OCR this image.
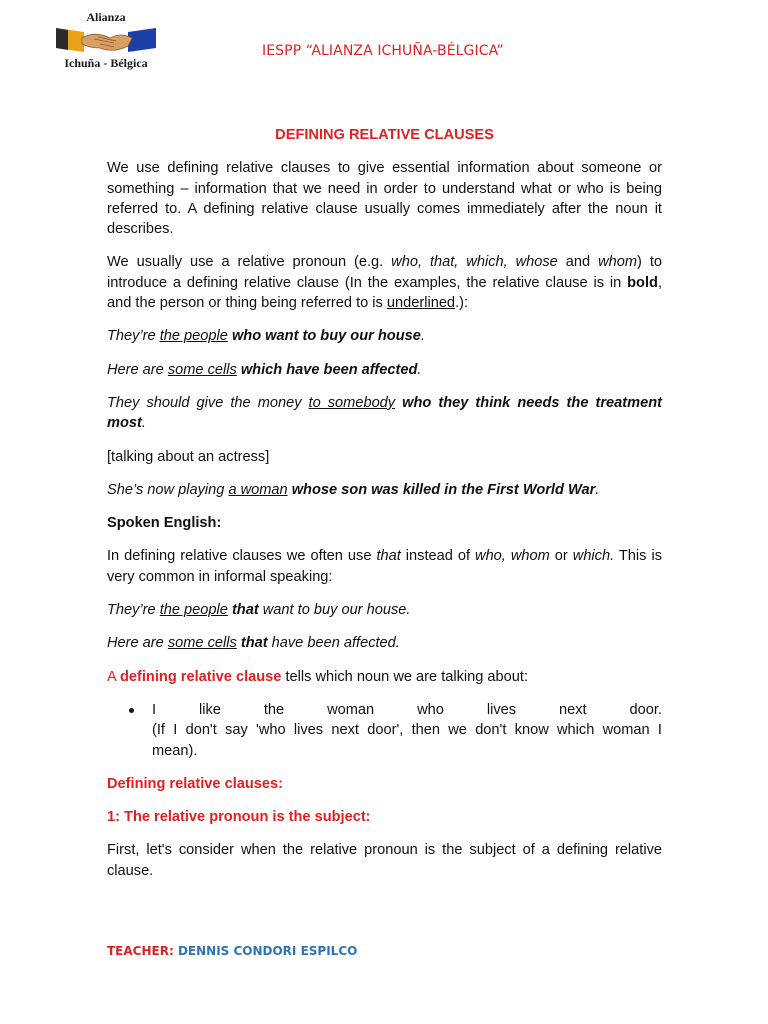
Alianza
Ichuña - Bélgica
IESPP “ALIANZA ICHUÑA-BÉLGICA”

DEFINING RELATIVE CLAUSES

We use defining relative clauses to give essential information about someone or something – information that we need in order to understand what or who is being referred to. A defining relative clause usually comes immediately after the noun it describes.

We usually use a relative pronoun (e.g. who, that, which, whose and whom) to introduce a defining relative clause (In the examples, the relative clause is in bold, and the person or thing being referred to is underlined.):

They’re the people who want to buy our house.

Here are some cells which have been affected.

They should give the money to somebody who they think needs the treatment most.

[talking about an actress]

She’s now playing a woman whose son was killed in the First World War.

Spoken English:

In defining relative clauses we often use that instead of who, whom or which. This is very common in informal speaking:

They’re the people that want to buy our house.

Here are some cells that have been affected.

A defining relative clause tells which noun we are talking about:

I like the woman who lives next door.

(If I don't say 'who lives next door', then we don't know which woman I

mean).

Defining relative clauses:

1: The relative pronoun is the subject:

First, let's consider when the relative pronoun is the subject of a defining relative clause.

TEACHER: DENNIS CONDORI ESPILCO
